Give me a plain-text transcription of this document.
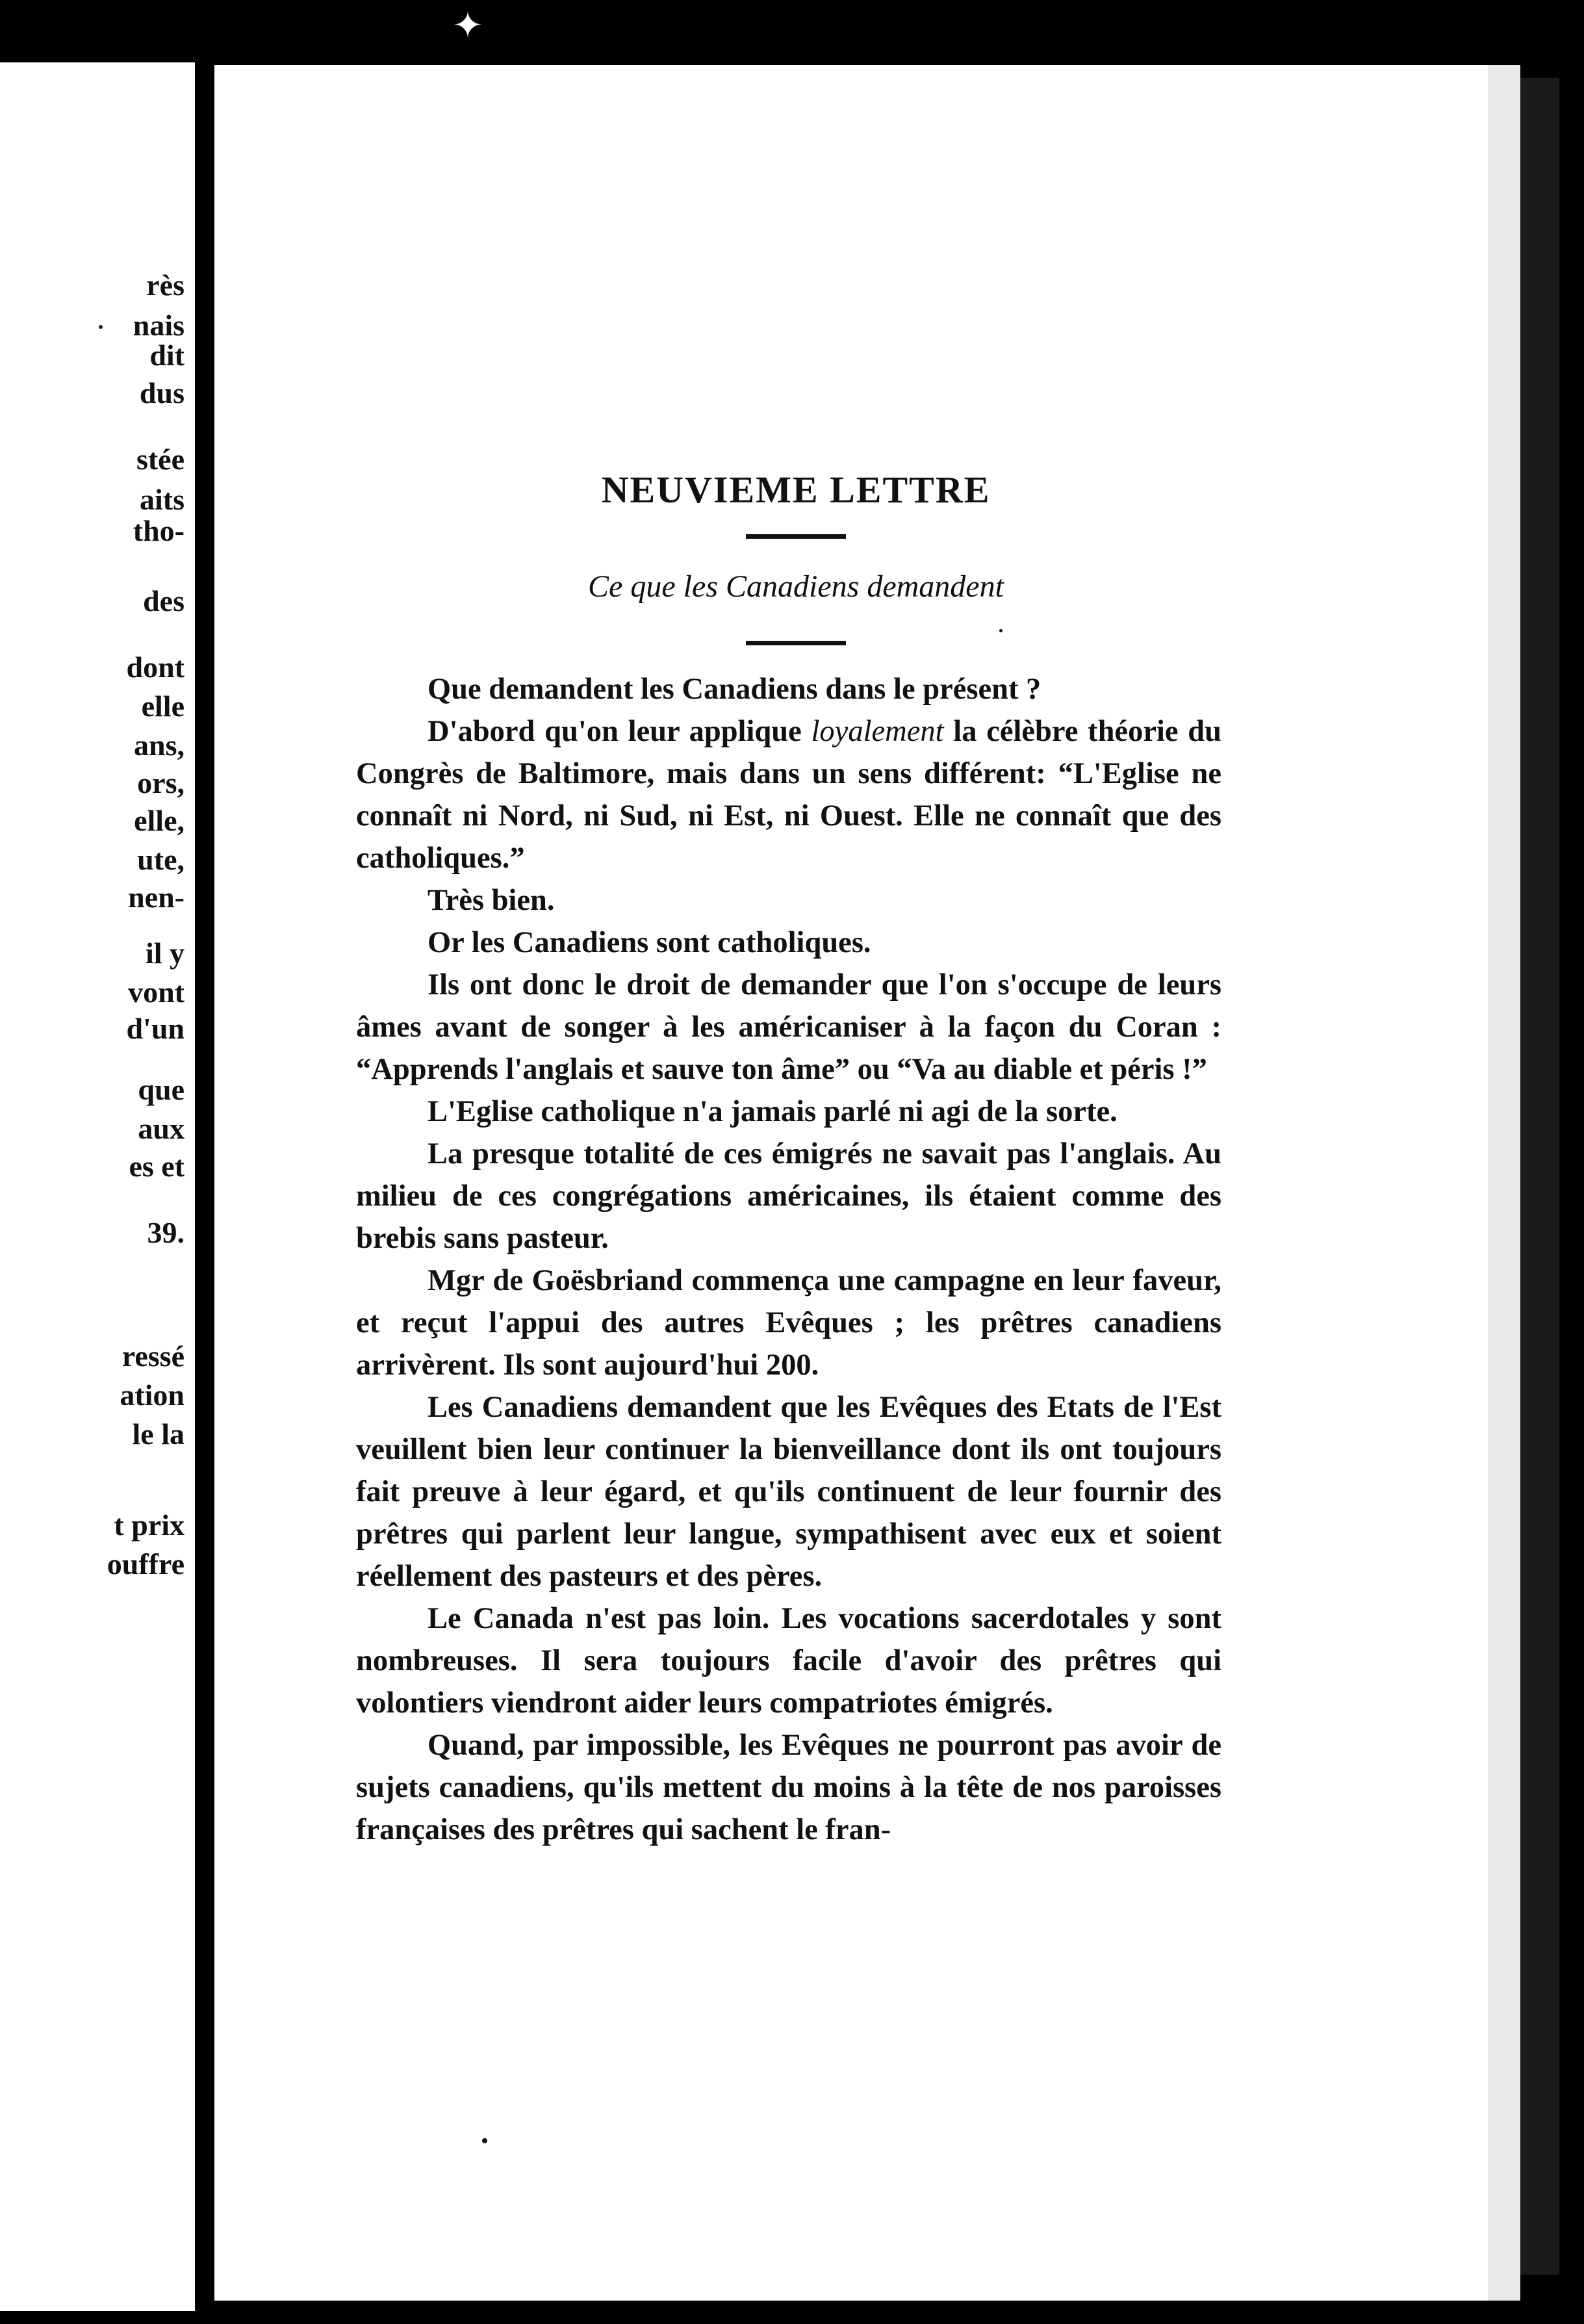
✦
rès
nais
dit
dus
stée
aits
tho-
des
dont
elle
ans,
ors,
elle,
ute,
nen-
il y
vont
d'un
que
aux
es et
39.
ressé
ation
le la
t prix
ouffre
NEUVIEME LETTRE
Ce que les Canadiens demandent

Que demandent les Canadiens dans le présent ?

D'abord qu'on leur applique loyalement la célèbre théorie du Congrès de Baltimore, mais dans un sens différent: “L'Eglise ne connaît ni Nord, ni Sud, ni Est, ni Ouest. Elle ne connaît que des catholiques.”

Très bien.

Or les Canadiens sont catholiques.

Ils ont donc le droit de demander que l'on s'occupe de leurs âmes avant de songer à les américaniser à la façon du Coran : “Apprends l'anglais et sauve ton âme” ou “Va au diable et péris !”

L'Eglise catholique n'a jamais parlé ni agi de la sorte.

La presque totalité de ces émigrés ne savait pas l'anglais. Au milieu de ces congrégations américaines, ils étaient comme des brebis sans pasteur.

Mgr de Goësbriand commença une campagne en leur faveur, et reçut l'appui des autres Evêques ; les prêtres canadiens arrivèrent. Ils sont aujourd'hui 200.

Les Canadiens demandent que les Evêques des Etats de l'Est veuillent bien leur continuer la bienveillance dont ils ont toujours fait preuve à leur égard, et qu'ils continuent de leur fournir des prêtres qui parlent leur langue, sympathisent avec eux et soient réellement des pasteurs et des pères.

Le Canada n'est pas loin. Les vocations sacerdotales y sont nombreuses. Il sera toujours facile d'avoir des prêtres qui volontiers viendront aider leurs compatriotes émigrés.

Quand, par impossible, les Evêques ne pourront pas avoir de sujets canadiens, qu'ils mettent du moins à la tête de nos paroisses françaises des prêtres qui sachent le fran-
